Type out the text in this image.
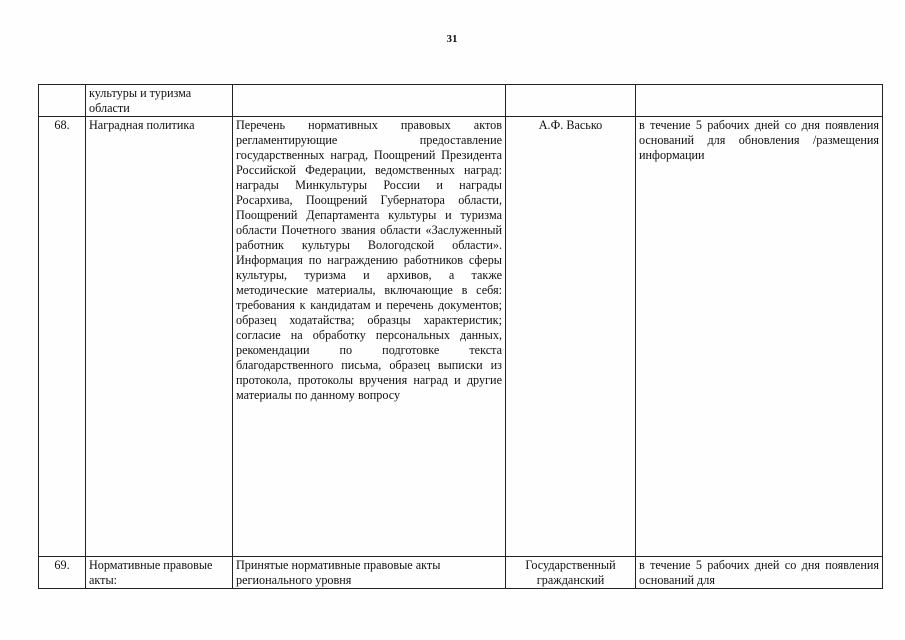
31
	культуры и туризма области			
68.	Наградная политика	Перечень нормативных правовых актов регламентирующие предоставление государственных наград, Поощрений Президента Российской Федерации, ведомственных наград: награды Минкультуры России и награды Росархива, Поощрений Губернатора области, Поощрений Департамента культуры и туризма области Почетного звания области «Заслуженный работник культуры Вологодской области». Информация по награждению работников сферы культуры, туризма и архивов, а также методические материалы, включающие в себя: требования к кандидатам и перечень документов; образец ходатайства; образцы характеристик; согласие на обработку персональных данных, рекомендации по подготовке текста благодарственного письма, образец выписки из протокола, протоколы вручения наград и другие материалы по данному вопросу	А.Ф. Васько	в течение 5 рабочих дней со дня появления оснований для обновления /размещения информации

69.	Нормативные правовые акты:	Принятые нормативные правовые акты регионального уровня	Государственный гражданский	в течение 5 рабочих дней со дня появления оснований для
